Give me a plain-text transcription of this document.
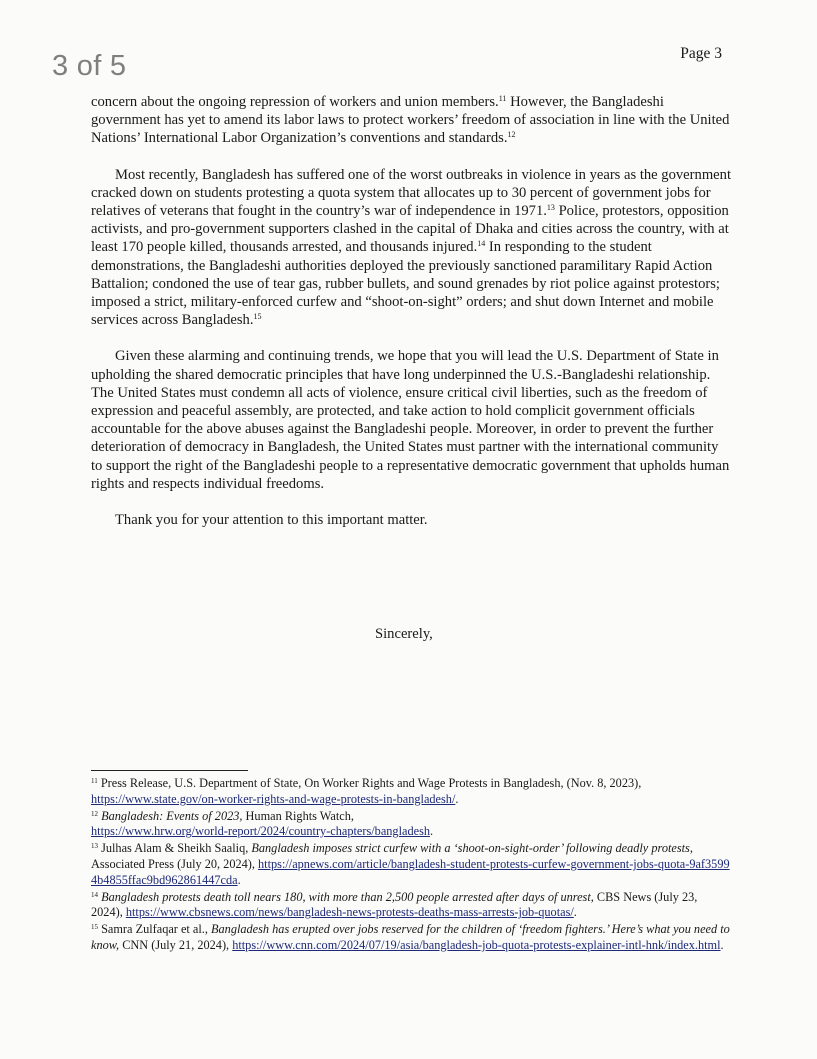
3 of 5	Page 3

concern about the ongoing repression of workers and union members.$^{11}$ However, the Bangladeshi government has yet to amend its labor laws to protect workers’ freedom of association in line with the United Nations’ International Labor Organization’s conventions and standards.$^{12}$

Most recently, Bangladesh has suffered one of the worst outbreaks in violence in years as the government cracked down on students protesting a quota system that allocates up to 30 percent of government jobs for relatives of veterans that fought in the country’s war of independence in 1971.13 Police, protestors, opposition activists, and pro-government supporters clashed in the capital of Dhaka and cities across the country, with at least 170 people killed, thousands arrested, and thousands injured.$^{14}$ In responding to the student demonstrations, the Bangladeshi authorities deployed the previously sanctioned paramilitary Rapid Action Battalion; condoned the use of tear gas, rubber bullets, and sound grenades by riot police against protestors; imposed a strict, military-enforced curfew and “shoot-on-sight” orders; and shut down Internet and mobile services across Bangladesh.$^{15}$

Given these alarming and continuing trends, we hope that you will lead the U.S. Department of State in upholding the shared democratic principles that have long underpinned the U.S.-Bangladeshi relationship. The United States must condemn all acts of violence, ensure critical civil liberties, such as the freedom of expression and peaceful assembly, are protected, and take action to hold complicit government officials accountable for the above abuses against the Bangladeshi people. Moreover, in order to prevent the further deterioration of democracy in Bangladesh, the United States must partner with the international community to support the right of the Bangladeshi people to a representative democratic government that upholds human rights and respects individual freedoms.

Thank you for your attention to this important matter.

Sincerely,
$^{11}$ Press Release, U.S. Department of State, On Worker Rights and Wage Protests in Bangladesh, (Nov. 8, 2023), https://www.state.gov/on-worker-rights-and-wage-protests-in-bangladesh/.
$^{12}$ Bangladesh: Events of 2023, Human Rights Watch,
https://www.hrw.org/world-report/2024/country-chapters/bangladesh.
$^{13}$ Julhas Alam & Sheikh Saaliq, Bangladesh imposes strict curfew with a ‘shoot-on-sight-order’ following deadly protests, Associated Press (July 20, 2024), https://apnews.com/article/bangladesh-student-protests-curfew-government-jobs-quota-9af35994b4855ffac9bd962861447cda.
$^{14}$ Bangladesh protests death toll nears 180, with more than 2,500 people arrested after days of unrest, CBS News (July 23, 2024), https://www.cbsnews.com/news/bangladesh-news-protests-deaths-mass-arrests-job-quotas/.
$^{15}$ Samra Zulfaqar et al., Bangladesh has erupted over jobs reserved for the children of ‘freedom fighters.’ Here’s what you need to know, CNN (July 21, 2024), https://www.cnn.com/2024/07/19/asia/bangladesh-job-quota-protests-explainer-intl-hnk/index.html.
